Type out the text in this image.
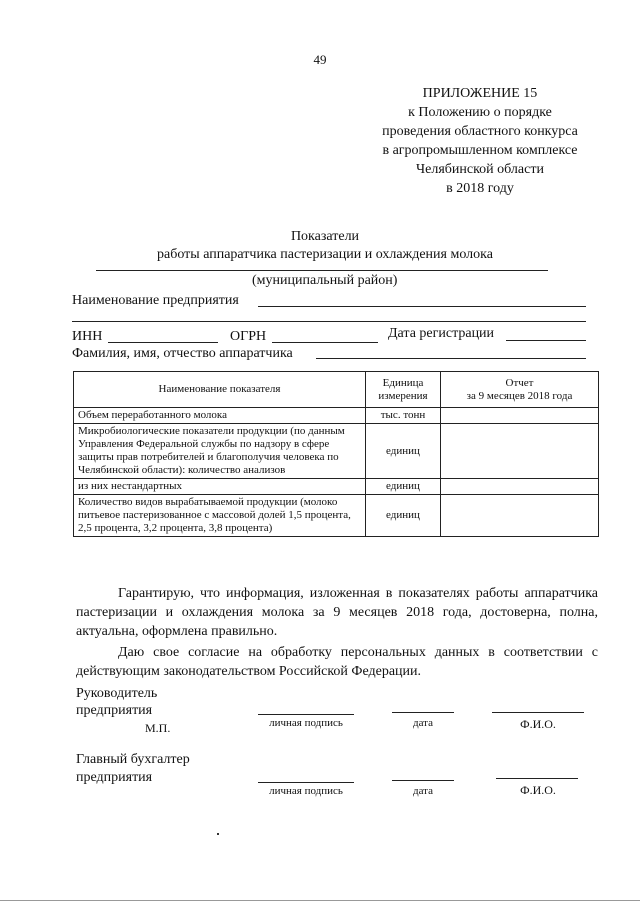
49
ПРИЛОЖЕНИЕ 15
к Положению о порядке
проведения областного конкурса
в агропромышленном комплексе
Челябинской области
в 2018 году
Показатели
работы аппаратчика пастеризации и охлаждения молока
(муниципальный район)
Наименование предприятия
ИНН	ОГРН	Дата регистрации
Фамилия, имя, отчество аппаратчика
Наименование показателя	Единица измерения	Отчет
за 9 месяцев 2018 года

Объем переработанного молока	тыс. тонн	
Микробиологические показатели продукции (по данным Управления Федеральной службы по надзору в сфере защиты прав потребителей и благополучия человека по Челябинской области): количество анализов	единиц	
из них нестандартных	единиц	
Количество видов вырабатываемой продукции (молоко питьевое пастеризованное с массовой долей 1,5 процента, 2,5 процента, 3,2 процента, 3,8 процента)	единиц	
Гарантирую, что информация, изложенная в показателях работы аппаратчика пастеризации и охлаждения молока за 9 месяцев 2018 года, достоверна, полна, актуальна, оформлена правильно.
Даю свое согласие на обработку персональных данных в соответствии с действующим законодательством Российской Федерации.
Руководитель
предприятия
М.П.	личная подпись	дата	Ф.И.О.
Главный бухгалтер
предприятия
личная подпись	дата	Ф.И.О.
